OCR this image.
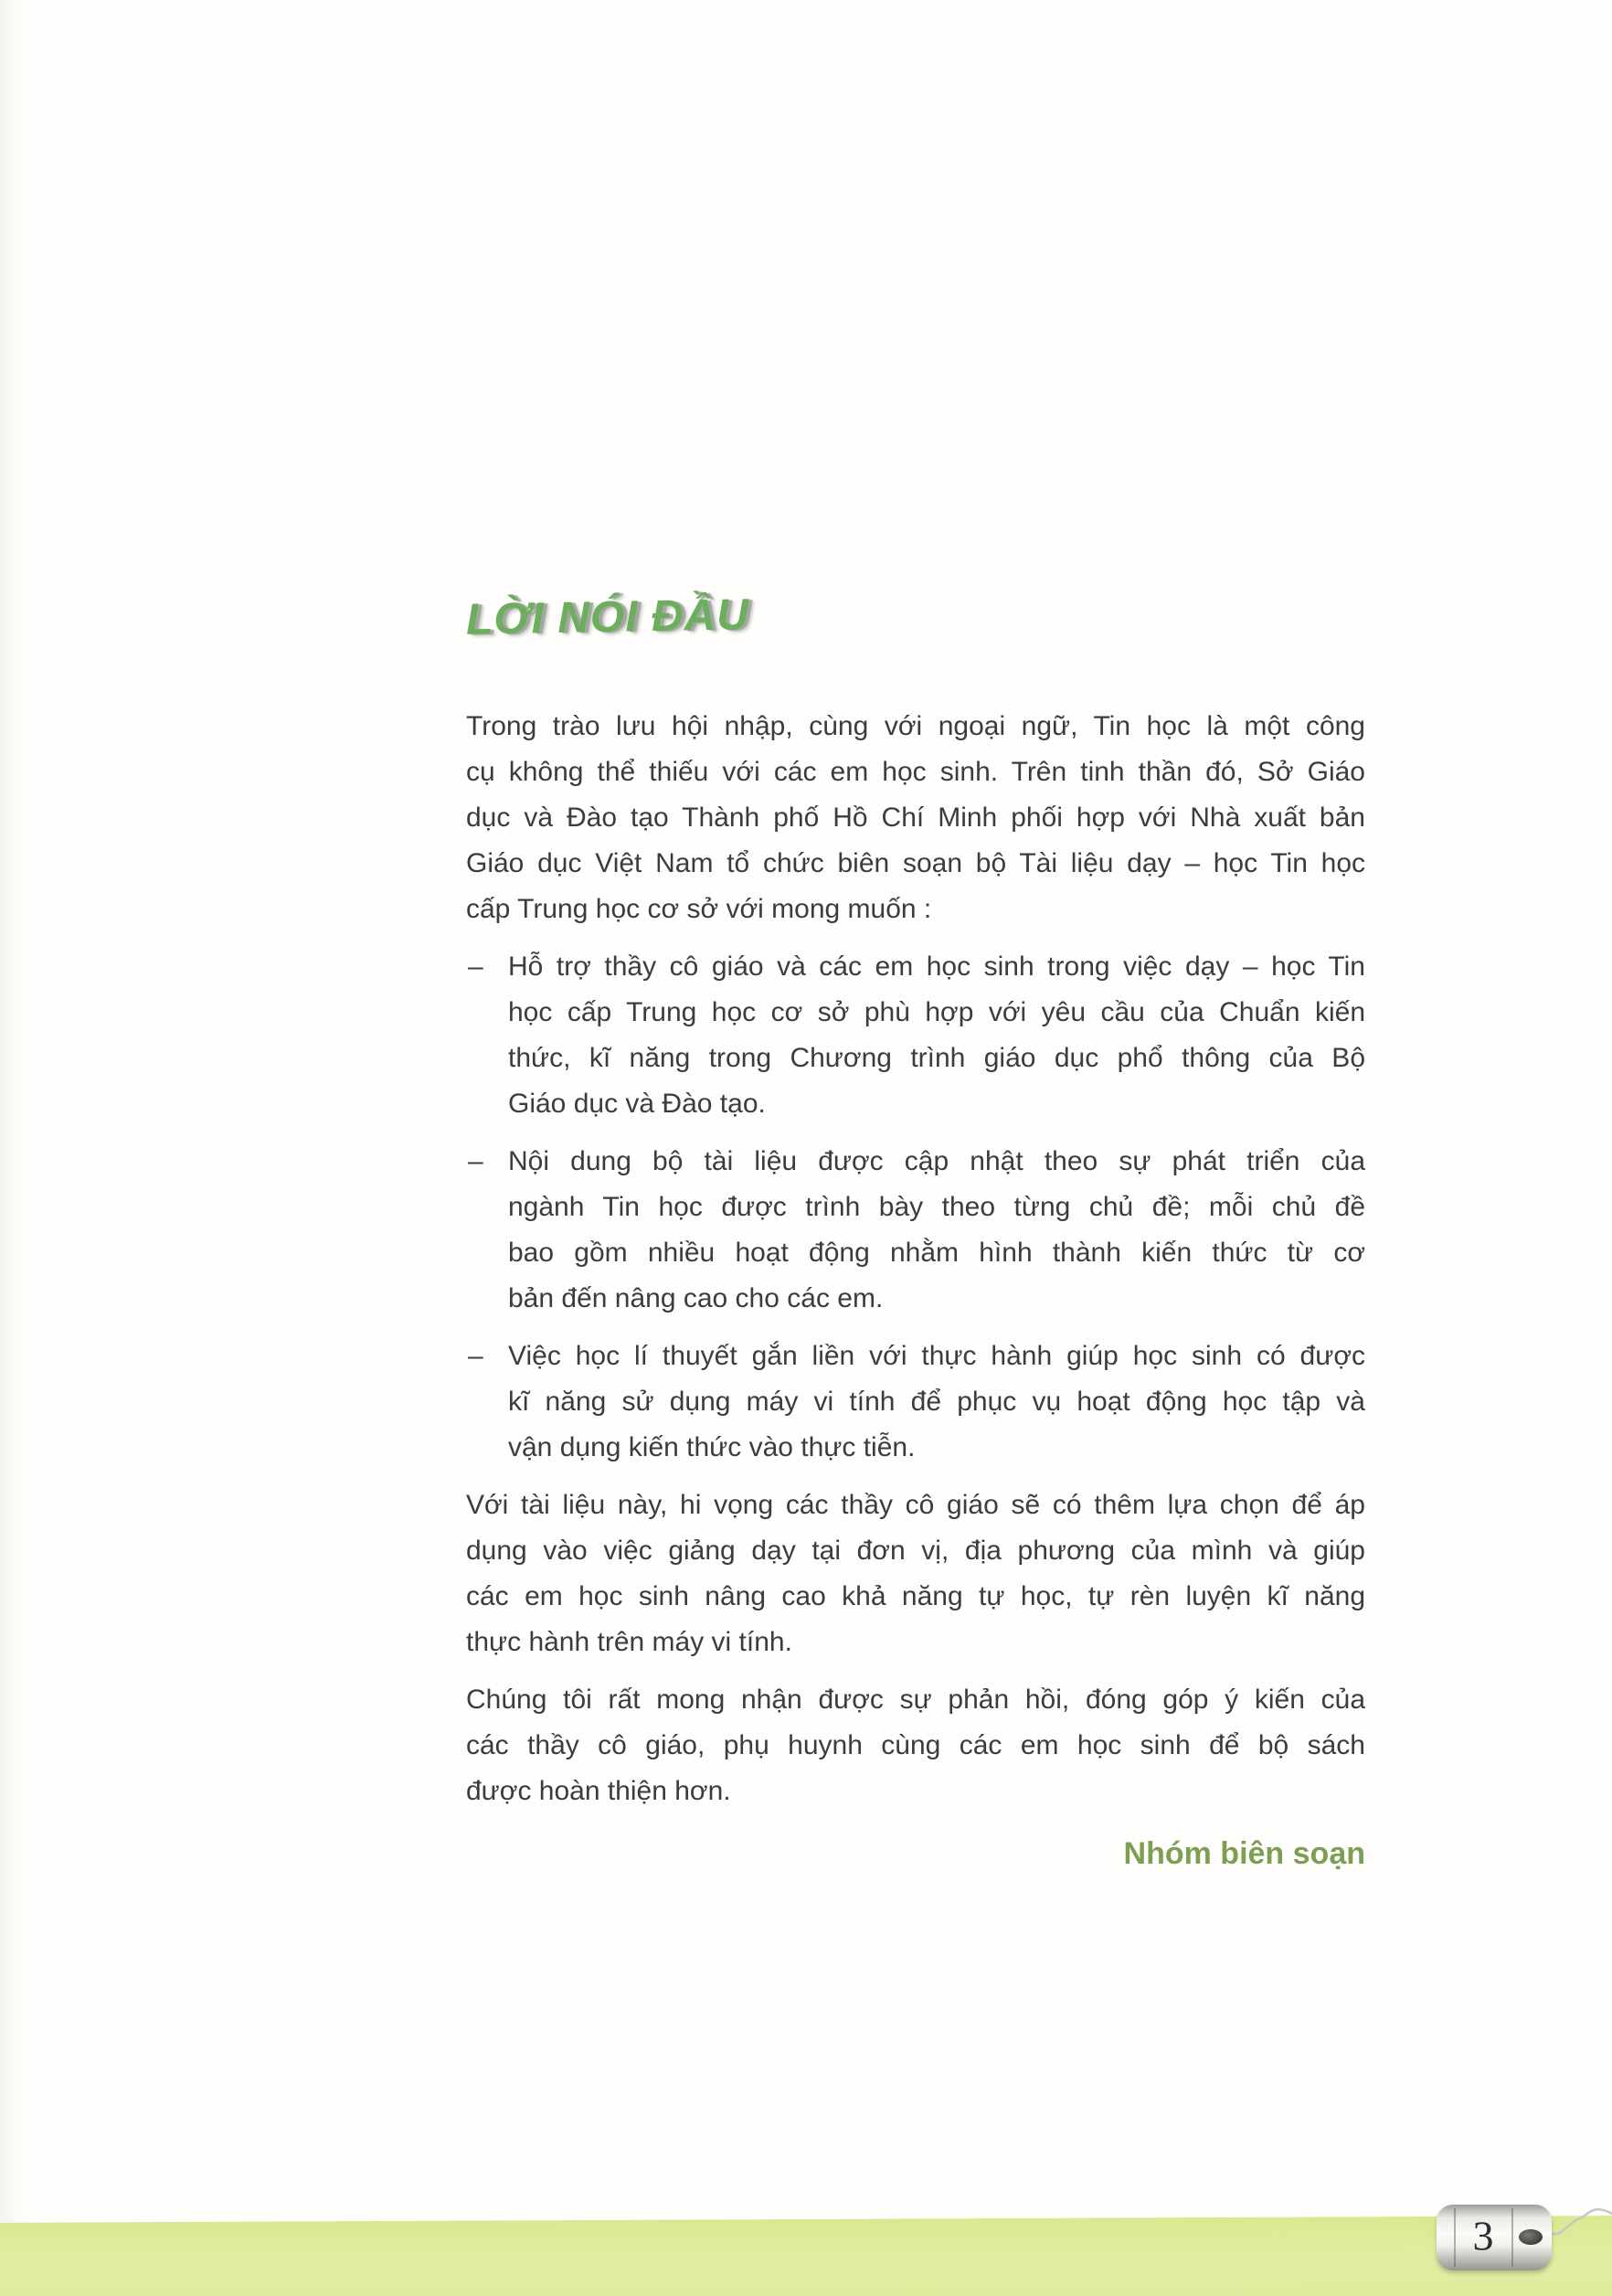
LỜI NÓI ĐẦU
Trong trào lưu hội nhập, cùng với ngoại ngữ, Tin học là một công
cụ không thể thiếu với các em học sinh. Trên tinh thần đó, Sở Giáo
dục và Đào tạo Thành phố Hồ Chí Minh phối hợp với Nhà xuất bản
Giáo dục Việt Nam tổ chức biên soạn bộ Tài liệu dạy – học Tin học
cấp Trung học cơ sở với mong muốn :
– Hỗ trợ thầy cô giáo và các em học sinh trong việc dạy – học Tin
học cấp Trung học cơ sở phù hợp với yêu cầu của Chuẩn kiến
thức, kĩ năng trong Chương trình giáo dục phổ thông của Bộ
Giáo dục và Đào tạo.
– Nội dung bộ tài liệu được cập nhật theo sự phát triển của
ngành Tin học được trình bày theo từng chủ đề; mỗi chủ đề
bao gồm nhiều hoạt động nhằm hình thành kiến thức từ cơ
bản đến nâng cao cho các em.
– Việc học lí thuyết gắn liền với thực hành giúp học sinh có được
kĩ năng sử dụng máy vi tính để phục vụ hoạt động học tập và
vận dụng kiến thức vào thực tiễn.
Với tài liệu này, hi vọng các thầy cô giáo sẽ có thêm lựa chọn để áp
dụng vào việc giảng dạy tại đơn vị, địa phương của mình và giúp
các em học sinh nâng cao khả năng tự học, tự rèn luyện kĩ năng
thực hành trên máy vi tính.
Chúng tôi rất mong nhận được sự phản hồi, đóng góp ý kiến của
các thầy cô giáo, phụ huynh cùng các em học sinh để bộ sách
được hoàn thiện hơn.
Nhóm biên soạn
3
